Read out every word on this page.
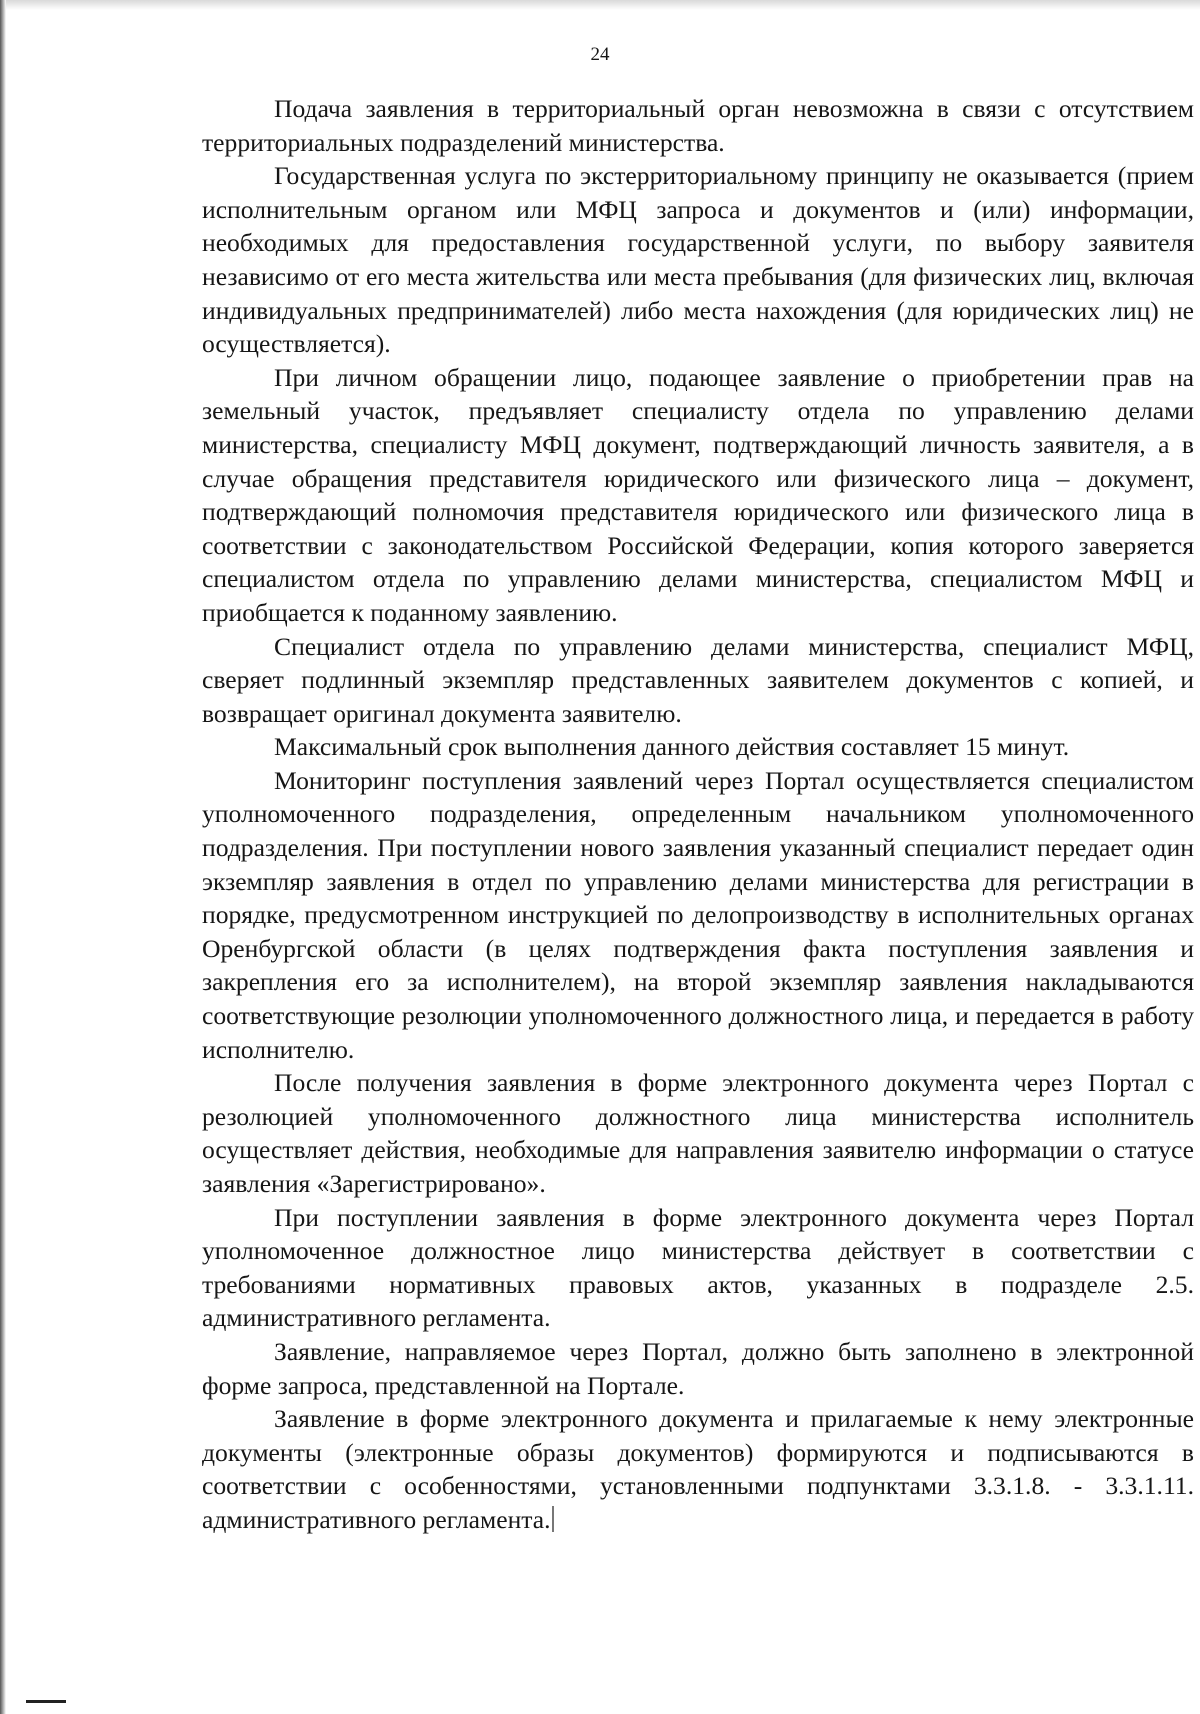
24

Подача заявления в территориальный орган невозможна в связи с отсутствием территориальных подразделений министерства.

Государственная услуга по экстерриториальному принципу не оказывается (прием исполнительным органом или МФЦ запроса и документов и (или) информации, необходимых для предоставления государственной услуги, по выбору заявителя независимо от его места жительства или места пребывания (для физических лиц, включая индивидуальных предпринимателей) либо места нахождения (для юридических лиц) не осуществляется).

При личном обращении лицо, подающее заявление о приобретении прав на земельный участок, предъявляет специалисту отдела по управлению делами министерства, специалисту МФЦ документ, подтверждающий личность заявителя, а в случае обращения представителя юридического или физического лица – документ, подтверждающий полномочия представителя юридического или физического лица в соответствии с законодательством Российской Федерации, копия которого заверяется специалистом отдела по управлению делами министерства, специалистом МФЦ и приобщается к поданному заявлению.

Специалист отдела по управлению делами министерства, специалист МФЦ, сверяет подлинный экземпляр представленных заявителем документов с копией, и возвращает оригинал документа заявителю.

Максимальный срок выполнения данного действия составляет 15 минут.

Мониторинг поступления заявлений через Портал осуществляется специалистом уполномоченного подразделения, определенным начальником уполномоченного подразделения. При поступлении нового заявления указанный специалист передает один экземпляр заявления в отдел по управлению делами министерства для регистрации в порядке, предусмотренном инструкцией по делопроизводству в исполнительных органах Оренбургской области (в целях подтверждения факта поступления заявления и закрепления его за исполнителем), на второй экземпляр заявления накладываются соответствующие резолюции уполномоченного должностного лица, и передается в работу исполнителю.

После получения заявления в форме электронного документа через Портал с резолюцией уполномоченного должностного лица министерства исполнитель осуществляет действия, необходимые для направления заявителю информации о статусе заявления «Зарегистрировано».

При поступлении заявления в форме электронного документа через Портал уполномоченное должностное лицо министерства действует в соответствии с требованиями нормативных правовых актов, указанных в подразделе 2.5. административного регламента.

Заявление, направляемое через Портал, должно быть заполнено в электронной форме запроса, представленной на Портале.

Заявление в форме электронного документа и прилагаемые к нему электронные документы (электронные образы документов) формируются и подписываются в соответствии с особенностями, установленными подпунктами 3.3.1.8. - 3.3.1.11. административного регламента.
